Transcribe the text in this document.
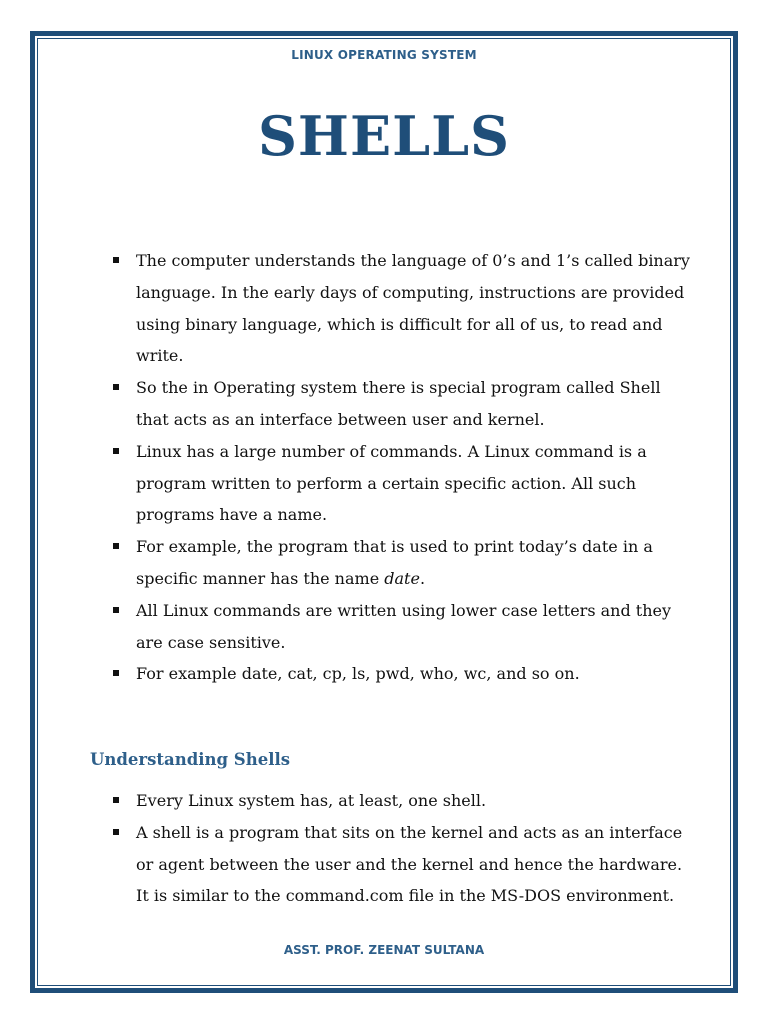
LINUX OPERATING SYSTEM
SHELLS
The computer understands the language of 0’s and 1’s called binary language. In the early days of computing, instructions are provided using binary language, which is difficult for all of us, to read and write.
So the in Operating system there is special program called Shell that acts as an interface between user and kernel.
Linux has a large number of commands. A Linux command is a program written to perform a certain specific action. All such programs have a name.
For example, the program that is used to print today’s date in a specific manner has the name date.
All Linux commands are written using lower case letters and they are case sensitive.
For example date, cat, cp, ls, pwd, who, wc, and so on.
Understanding Shells
Every Linux system has, at least, one shell.
A shell is a program that sits on the kernel and acts as an interface or agent between the user and the kernel and hence the hardware. It is similar to the command.com file in the MS-DOS environment.
ASST. PROF. ZEENAT SULTANA
